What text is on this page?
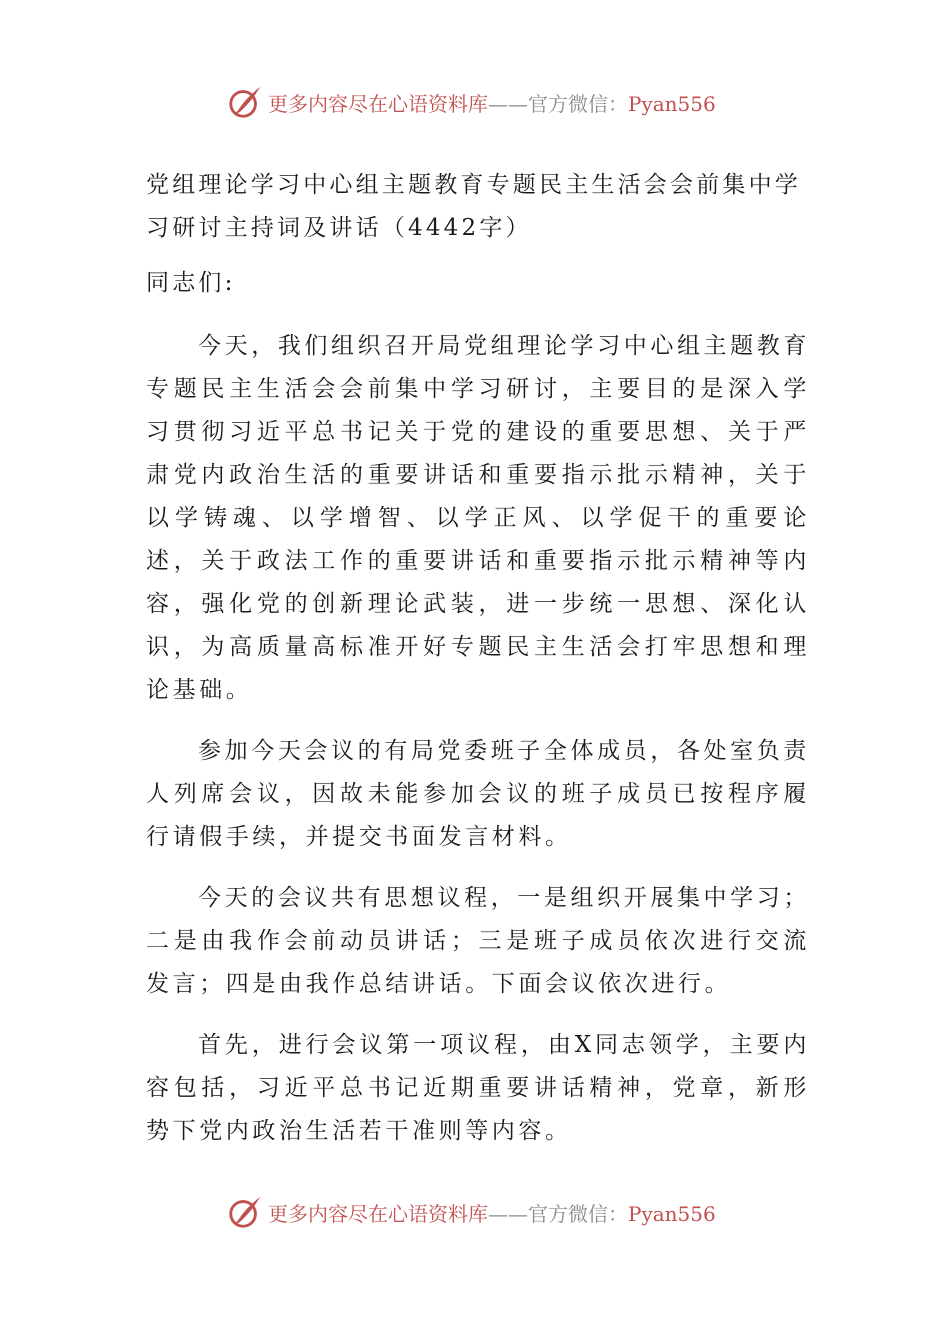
更多内容尽在心语资料库——官方微信：Pyan556
党组理论学习中心组主题教育专题民主生活会会前集中学习研讨主持词及讲话（4442字）

同志们:

今天，我们组织召开局党组理论学习中心组主题教育专题民主生活会会前集中学习研讨，主要目的是深入学习贯彻习近平总书记关于党的建设的重要思想、关于严肃党内政治生活的重要讲话和重要指示批示精神，关于以学铸魂、以学增智、以学正风、以学促干的重要论述，关于政法工作的重要讲话和重要指示批示精神等内容，强化党的创新理论武装，进一步统一思想、深化认识，为高质量高标准开好专题民主生活会打牢思想和理论基础。

参加今天会议的有局党委班子全体成员，各处室负责人列席会议，因故未能参加会议的班子成员已按程序履行请假手续，并提交书面发言材料。

今天的会议共有思想议程，一是组织开展集中学习；二是由我作会前动员讲话；三是班子成员依次进行交流发言；四是由我作总结讲话。下面会议依次进行。

首先，进行会议第一项议程，由X同志领学，主要内容包括，习近平总书记近期重要讲话精神，党章，新形势下党内政治生活若干准则等内容。

更多内容尽在心语资料库——官方微信：Pyan556
